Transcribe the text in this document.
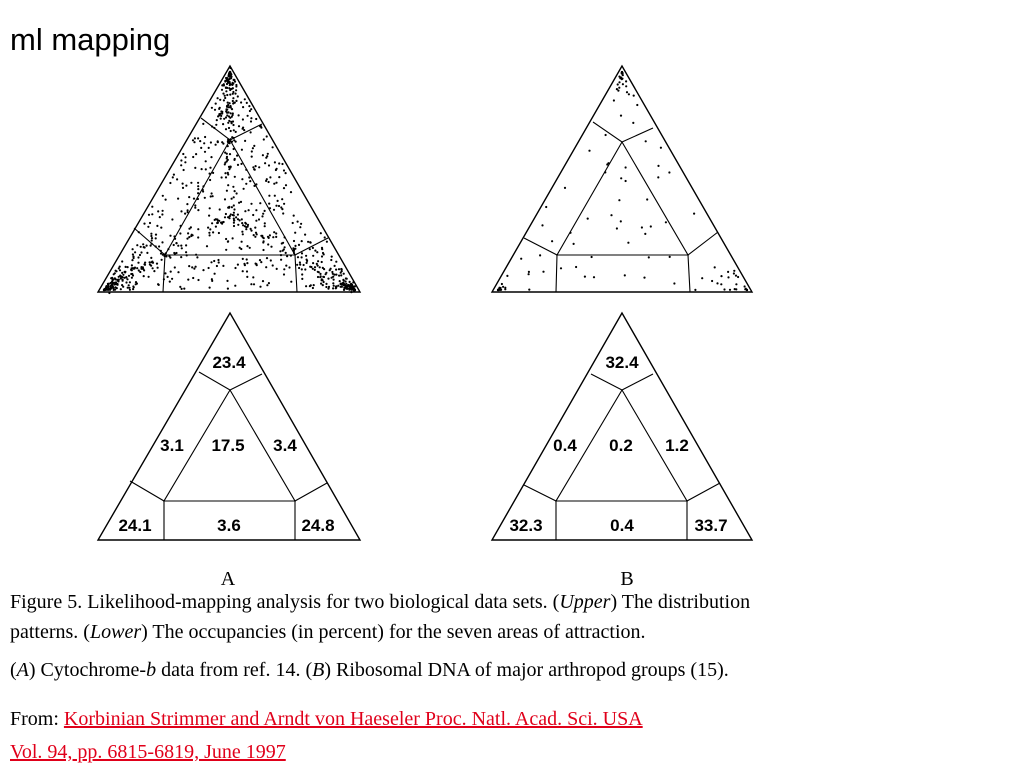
ml mapping
23.4
3.1 17.5 3.4
24.1	3.6	24.8
32.4
0.4 0.2 1.2
32.3	0.4	33.7
A	B

Figure 5. Likelihood-mapping analysis for two biological data sets. (Upper) The distribution

patterns. (Lower) The occupancies (in percent) for the seven areas of attraction.

(A) Cytochrome-b data from ref. 14. (B) Ribosomal DNA of major arthropod groups (15).

From: Korbinian Strimmer and Arndt von Haeseler Proc. Natl. Acad. Sci. USA

Vol. 94, pp. 6815-6819, June 1997
